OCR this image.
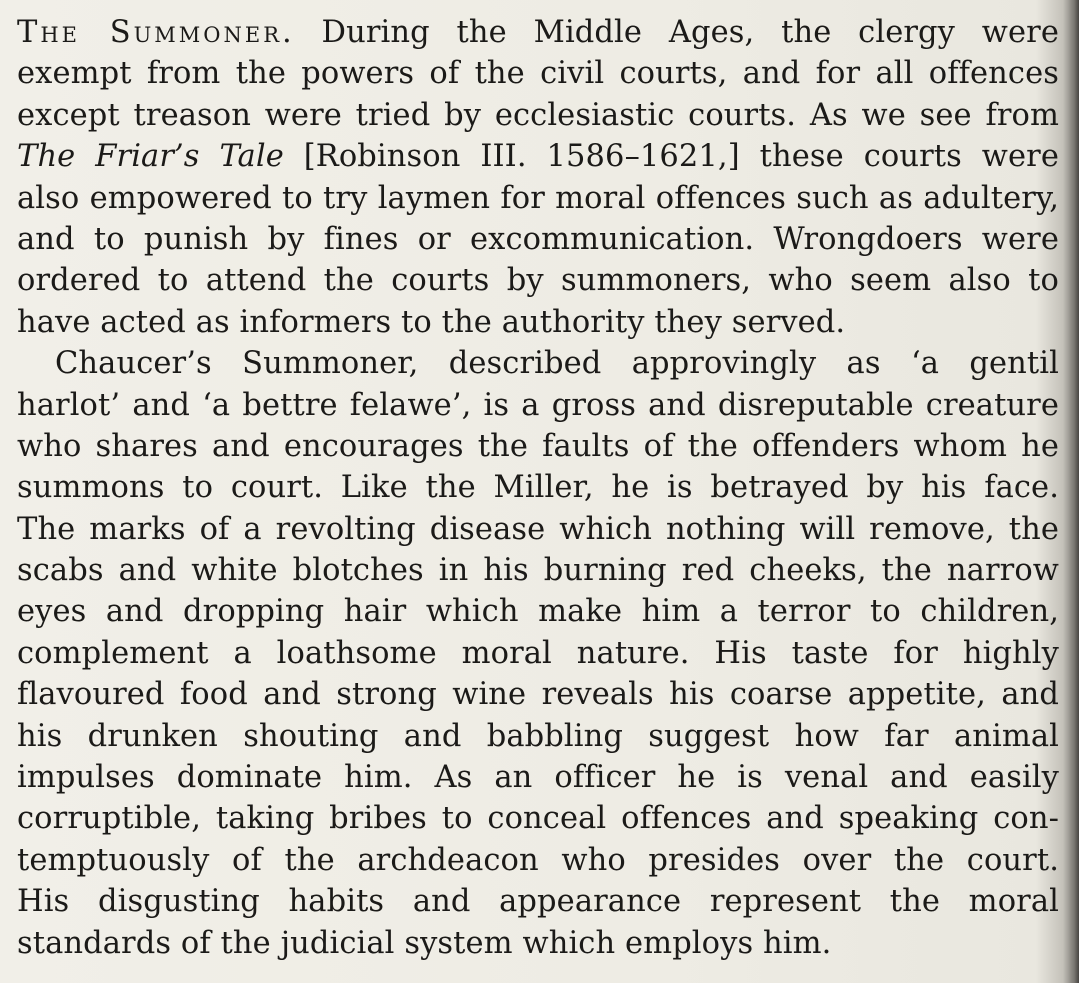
The Summoner. During the Middle Ages, the clergy were
exempt from the powers of the civil courts, and for all offences
except treason were tried by ecclesiastic courts. As we see from
The Friar’s Tale [Robinson III. 1586–1621,] these courts were
also empowered to try laymen for moral offences such as adultery,
and to punish by fines or excommunication. Wrongdoers were
ordered to attend the courts by summoners, who seem also to
have acted as informers to the authority they served.
Chaucer’s Summoner, described approvingly as ‘a gentil
harlot’ and ‘a bettre felawe’, is a gross and disreputable creature
who shares and encourages the faults of the offenders whom he
summons to court. Like the Miller, he is betrayed by his face.
The marks of a revolting disease which nothing will remove, the
scabs and white blotches in his burning red cheeks, the narrow
eyes and dropping hair which make him a terror to children,
complement a loathsome moral nature. His taste for highly
flavoured food and strong wine reveals his coarse appetite, and
his drunken shouting and babbling suggest how far animal
impulses dominate him. As an officer he is venal and easily
corruptible, taking bribes to conceal offences and speaking con-
temptuously of the archdeacon who presides over the court.
His disgusting habits and appearance represent the moral
standards of the judicial system which employs him.
